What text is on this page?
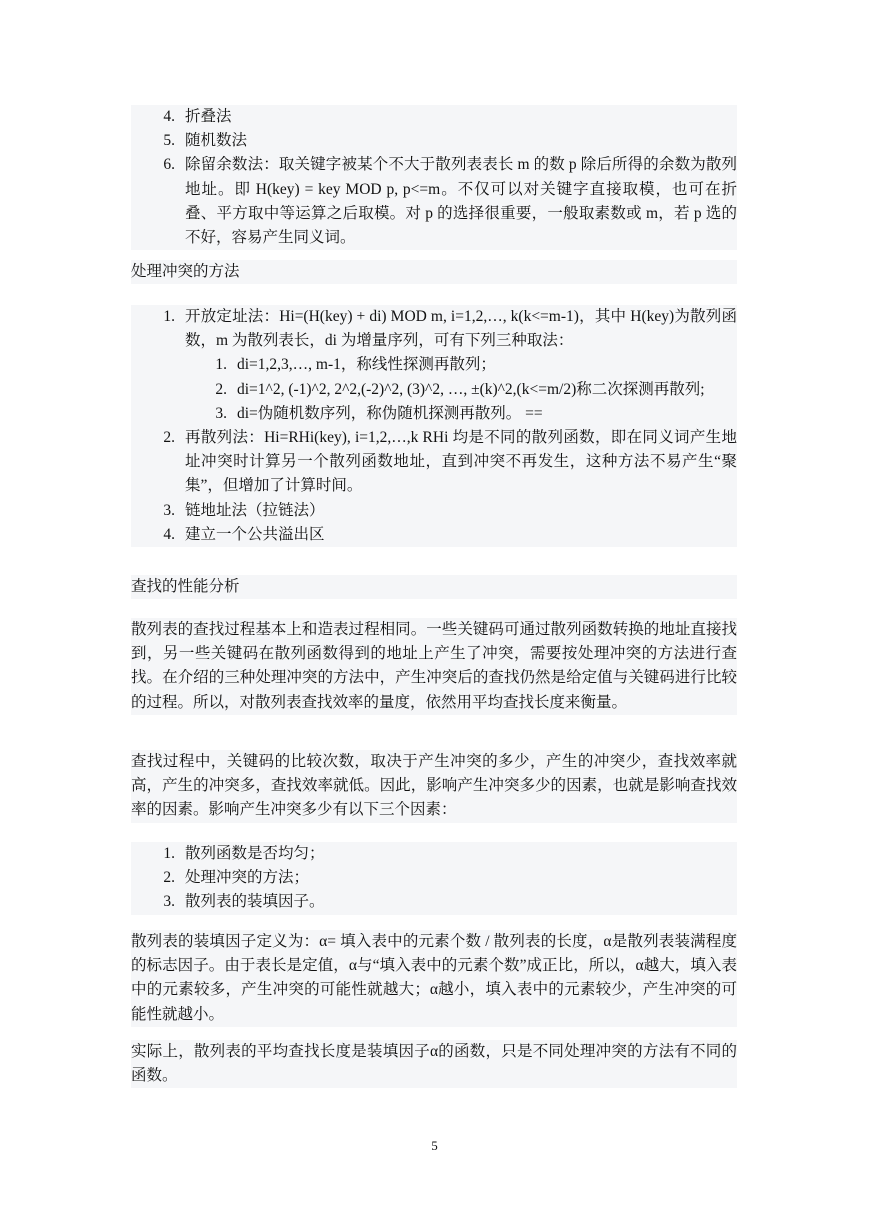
4. 折叠法
5. 随机数法
6. 除留余数法：取关键字被某个不大于散列表表长 m 的数 p 除后所得的余数为散列地址。即 H(key) = key MOD p, p<=m。不仅可以对关键字直接取模，也可在折叠、平方取中等运算之后取模。对 p 的选择很重要，一般取素数或 m，若 p 选的不好，容易产生同义词。

处理冲突的方法

1. 开放定址法：Hi=(H(key) + di) MOD m, i=1,2,…, k(k<=m-1)，其中 H(key)为散列函数，m 为散列表长，di 为增量序列，可有下列三种取法：
1. di=1,2,3,…, m-1，称线性探测再散列；
2. di=1^2, (-1)^2, 2^2,(-2)^2, (3)^2, …, ±(k)^2,(k<=m/2)称二次探测再散列;
3. di=伪随机数序列，称伪随机探测再散列。 ==
2. 再散列法：Hi=RHi(key), i=1,2,…,k RHi 均是不同的散列函数，即在同义词产生地址冲突时计算另一个散列函数地址，直到冲突不再发生，这种方法不易产生“聚集”，但增加了计算时间。
3. 链地址法（拉链法）
4. 建立一个公共溢出区

查找的性能分析

散列表的查找过程基本上和造表过程相同。一些关键码可通过散列函数转换的地址直接找到，另一些关键码在散列函数得到的地址上产生了冲突，需要按处理冲突的方法进行查找。在介绍的三种处理冲突的方法中，产生冲突后的查找仍然是给定值与关键码进行比较的过程。所以，对散列表查找效率的量度，依然用平均查找长度来衡量。

查找过程中，关键码的比较次数，取决于产生冲突的多少，产生的冲突少，查找效率就高，产生的冲突多，查找效率就低。因此，影响产生冲突多少的因素，也就是影响查找效率的因素。影响产生冲突多少有以下三个因素：

1. 散列函数是否均匀；
2. 处理冲突的方法；
3. 散列表的装填因子。

散列表的装填因子定义为：α= 填入表中的元素个数 / 散列表的长度，α是散列表装满程度的标志因子。由于表长是定值，α与“填入表中的元素个数”成正比，所以，α越大，填入表中的元素较多，产生冲突的可能性就越大；α越小，填入表中的元素较少，产生冲突的可能性就越小。

实际上，散列表的平均查找长度是装填因子α的函数，只是不同处理冲突的方法有不同的函数。

5
